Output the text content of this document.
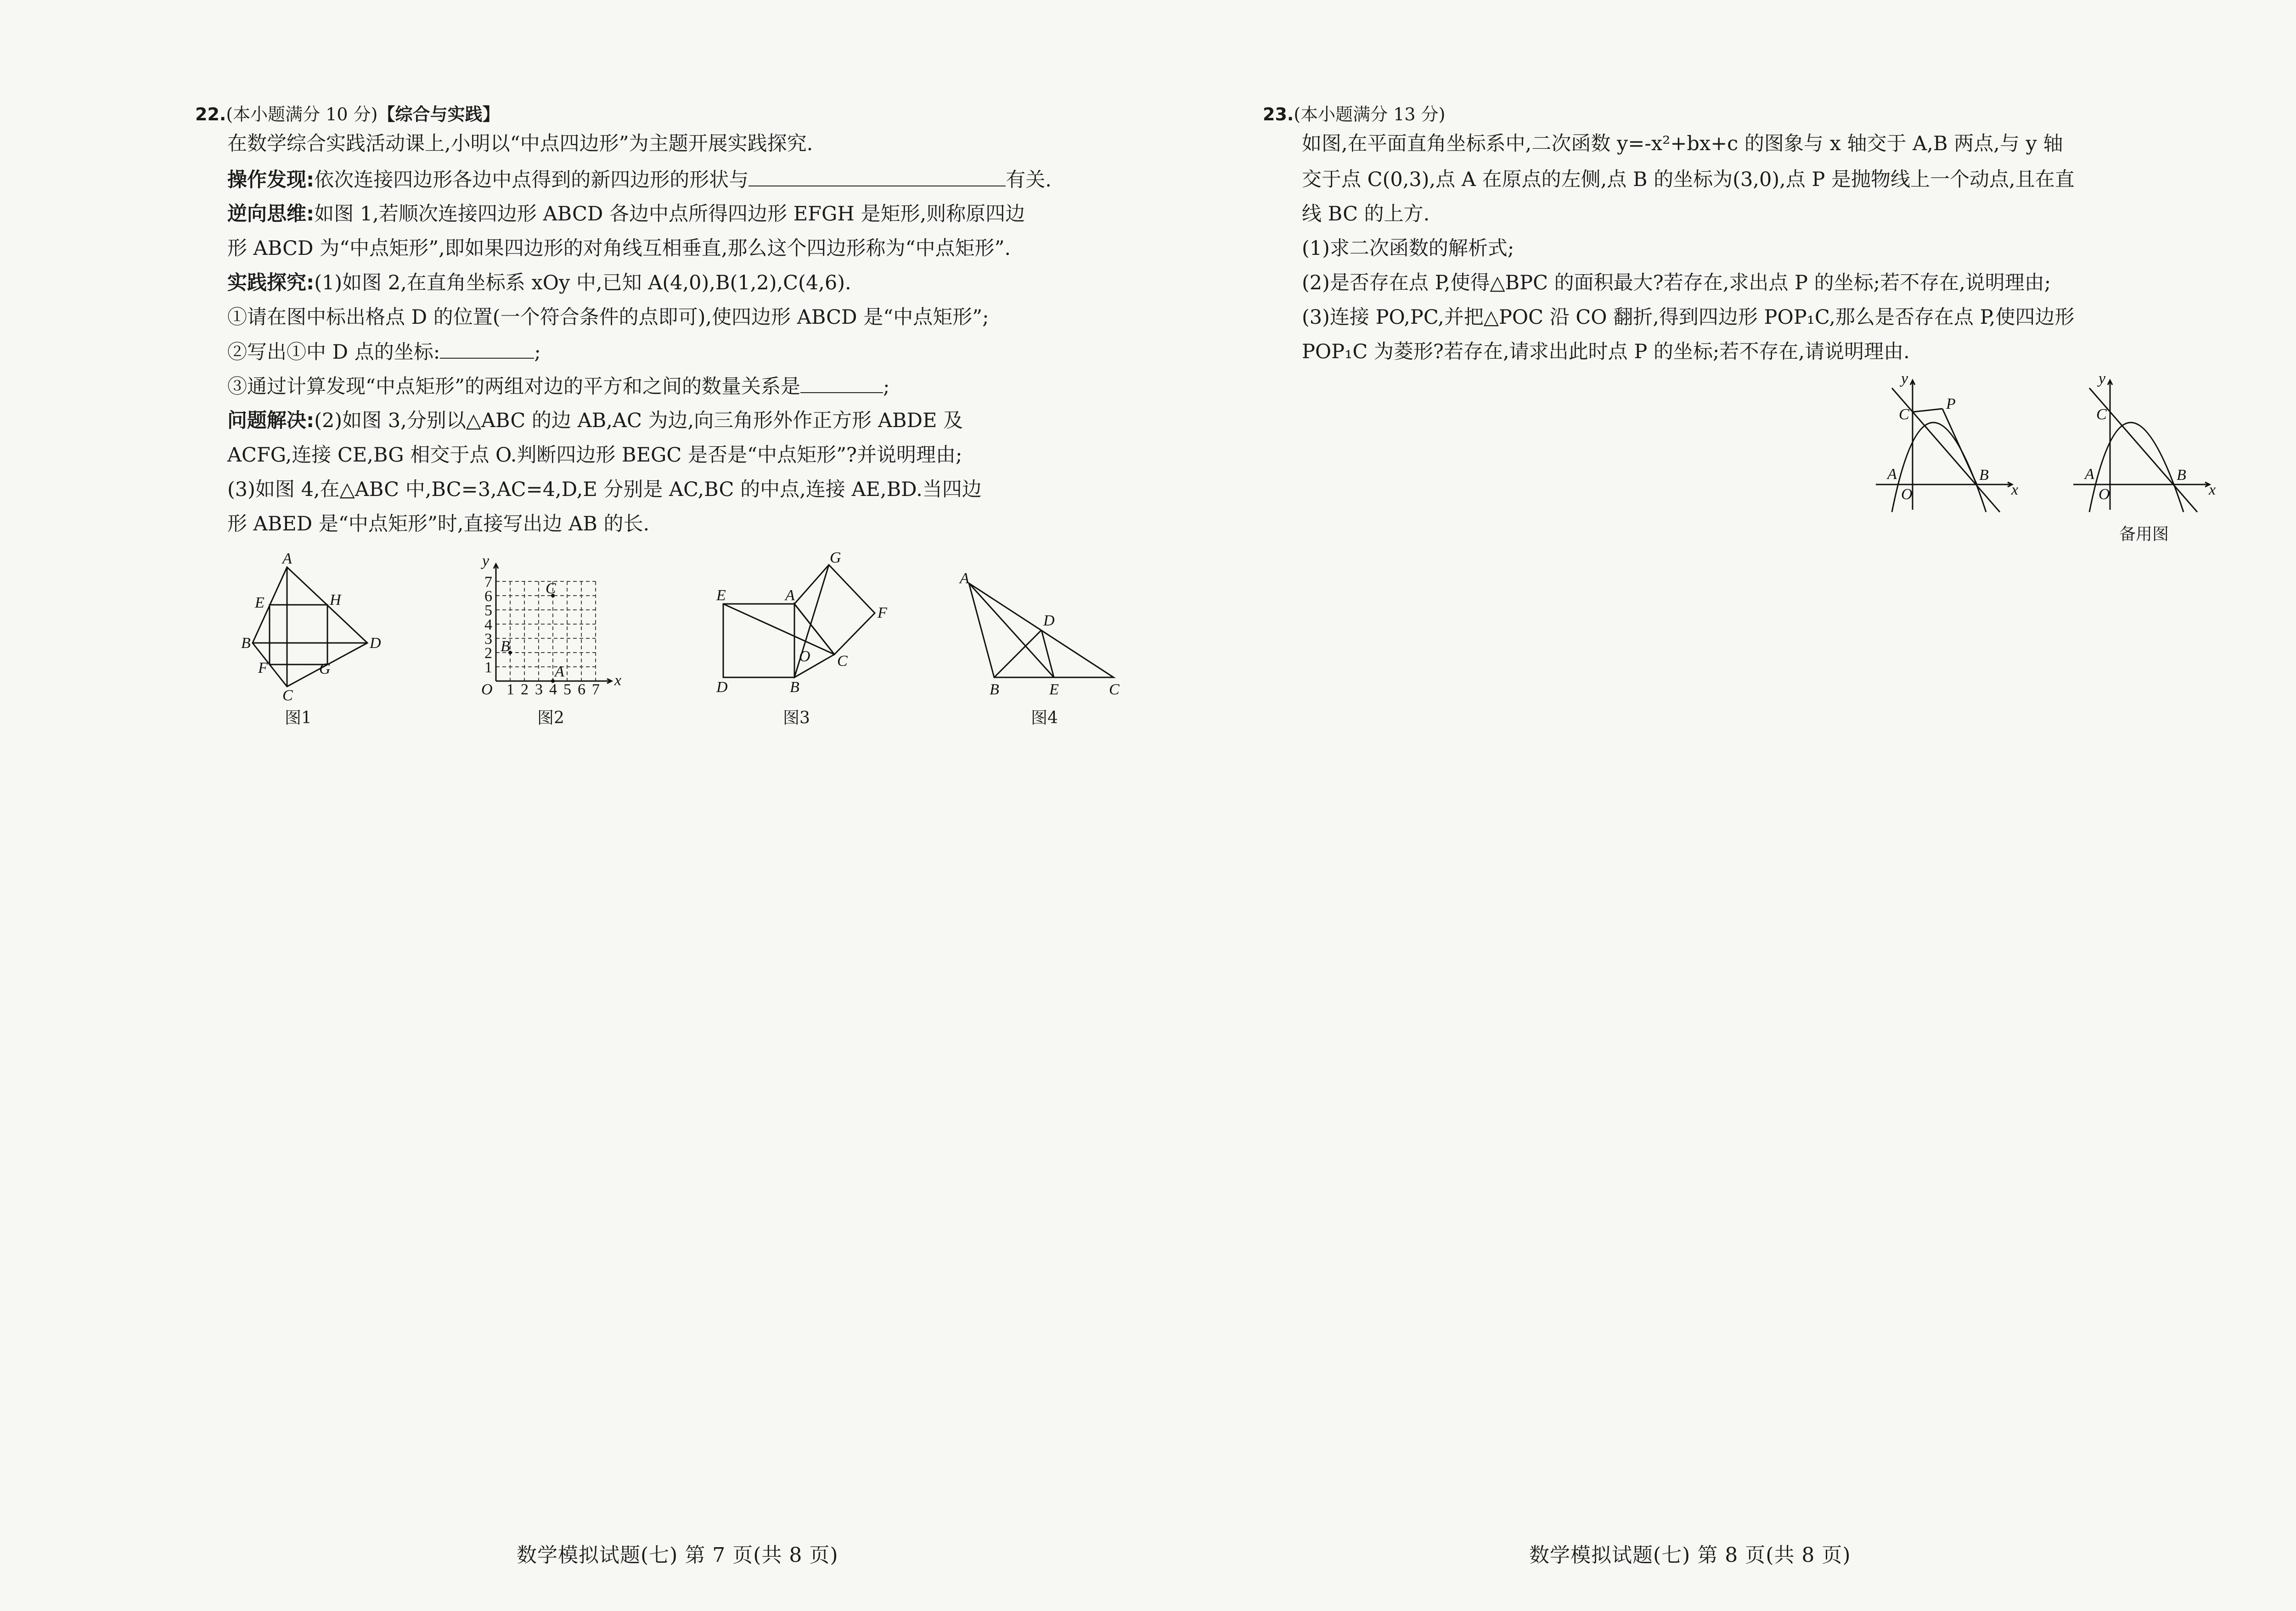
22.(本小题满分 10 分)【综合与实践】
在数学综合实践活动课上,小明以“中点四边形”为主题开展实践探究.
操作发现:依次连接四边形各边中点得到的新四边形的形状与	有关.
逆向思维:如图 1,若顺次连接四边形 ABCD 各边中点所得四边形 EFGH 是矩形,则称原四边
形 ABCD 为“中点矩形”,即如果四边形的对角线互相垂直,那么这个四边形称为“中点矩形”.
实践探究:(1)如图 2,在直角坐标系 xOy 中,已知 A(4,0),B(1,2),C(4,6).
①请在图中标出格点 D 的位置(一个符合条件的点即可),使四边形 ABCD 是“中点矩形”;
②写出①中 D 点的坐标:	;
③通过计算发现“中点矩形”的两组对边的平方和之间的数量关系是	;
问题解决:(2)如图 3,分别以△ABC 的边 AB,AC 为边,向三角形外作正方形 ABDE 及
ACFG,连接 CE,BG 相交于点 O.判断四边形 BEGC 是否是“中点矩形”?并说明理由;
(3)如图 4,在△ABC 中,BC=3,AC=4,D,E 分别是 AC,BC 的中点,连接 AE,BD.当四边
形 ABED 是“中点矩形”时,直接写出边 AB 的长.
A
E	H
B	D
F	G
C
图1
y
x
O
1
2
3
4
5
6
7
1 2 3 4 5 6 7
A
B
C
图2
E	A
G
F
O C
D	B
图3
A
D
B	E	C
图4
数学模拟试题(七) 第 7 页(共 8 页)
23.(本小题满分 13 分)
如图,在平面直角坐标系中,二次函数 y=-x²+bx+c 的图象与 x 轴交于 A,B 两点,与 y 轴
交于点 C(0,3),点 A 在原点的左侧,点 B 的坐标为(3,0),点 P 是抛物线上一个动点,且在直
线 BC 的上方.
(1)求二次函数的解析式;
(2)是否存在点 P,使得△BPC 的面积最大?若存在,求出点 P 的坐标;若不存在,说明理由;
(3)连接 PO,PC,并把△POC 沿 CO 翻折,得到四边形 POP₁C,那么是否存在点 P,使四边形
POP₁C 为菱形?若存在,请求出此时点 P 的坐标;若不存在,请说明理由.
y
P
C
A	B
x
O
y
C
A	B
x
O
备用图
数学模拟试题(七) 第 8 页(共 8 页)
